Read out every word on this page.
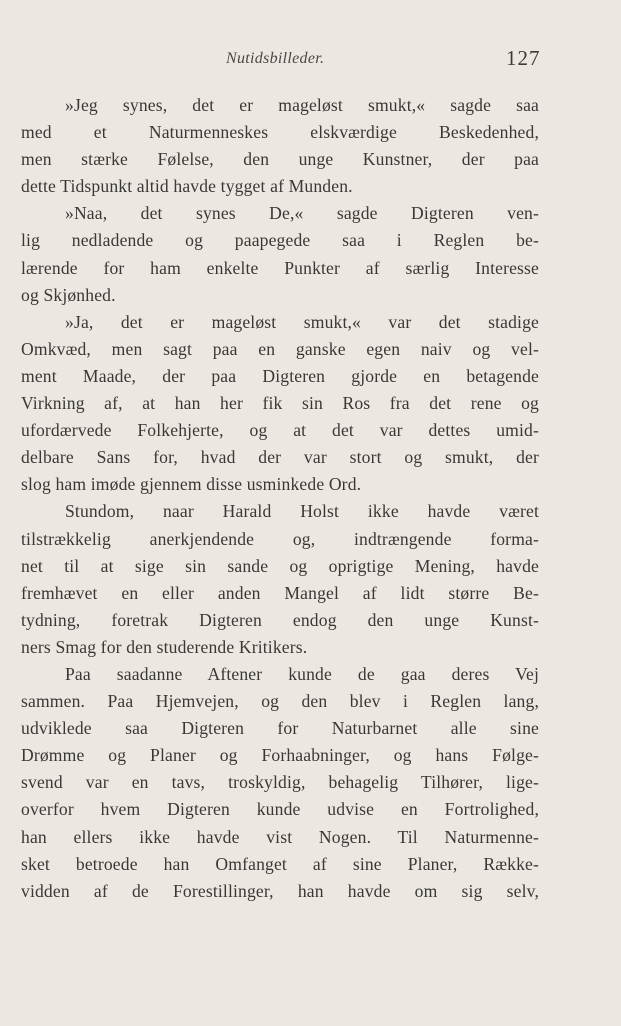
Nutidsbilleder.	127
»Jeg synes, det er mageløst smukt,« sagde saa
med et Naturmenneskes elskværdige Beskedenhed,
men stærke Følelse, den unge Kunstner, der paa
dette Tidspunkt altid havde tygget af Munden.
»Naa, det synes De,« sagde Digteren ven-
lig nedladende og paapegede saa i Reglen be-
lærende for ham enkelte Punkter af særlig Interesse
og Skjønhed.
»Ja, det er mageløst smukt,« var det stadige
Omkvæd, men sagt paa en ganske egen naiv og vel-
ment Maade, der paa Digteren gjorde en betagende
Virkning af, at han her fik sin Ros fra det rene og
ufordærvede Folkehjerte, og at det var dettes umid-
delbare Sans for, hvad der var stort og smukt, der
slog ham imøde gjennem disse usminkede Ord.
Stundom, naar Harald Holst ikke havde været
tilstrækkelig anerkjendende og, indtrængende forma-
net til at sige sin sande og oprigtige Mening, havde
fremhævet en eller anden Mangel af lidt større Be-
tydning, foretrak Digteren endog den unge Kunst-
ners Smag for den studerende Kritikers.
Paa saadanne Aftener kunde de gaa deres Vej
sammen. Paa Hjemvejen, og den blev i Reglen lang,
udviklede saa Digteren for Naturbarnet alle sine
Drømme og Planer og Forhaabninger, og hans Følge-
svend var en tavs, troskyldig, behagelig Tilhører, lige-
overfor hvem Digteren kunde udvise en Fortrolighed,
han ellers ikke havde vist Nogen. Til Naturmenne-
sket betroede han Omfanget af sine Planer, Række-
vidden af de Forestillinger, han havde om sig selv,
